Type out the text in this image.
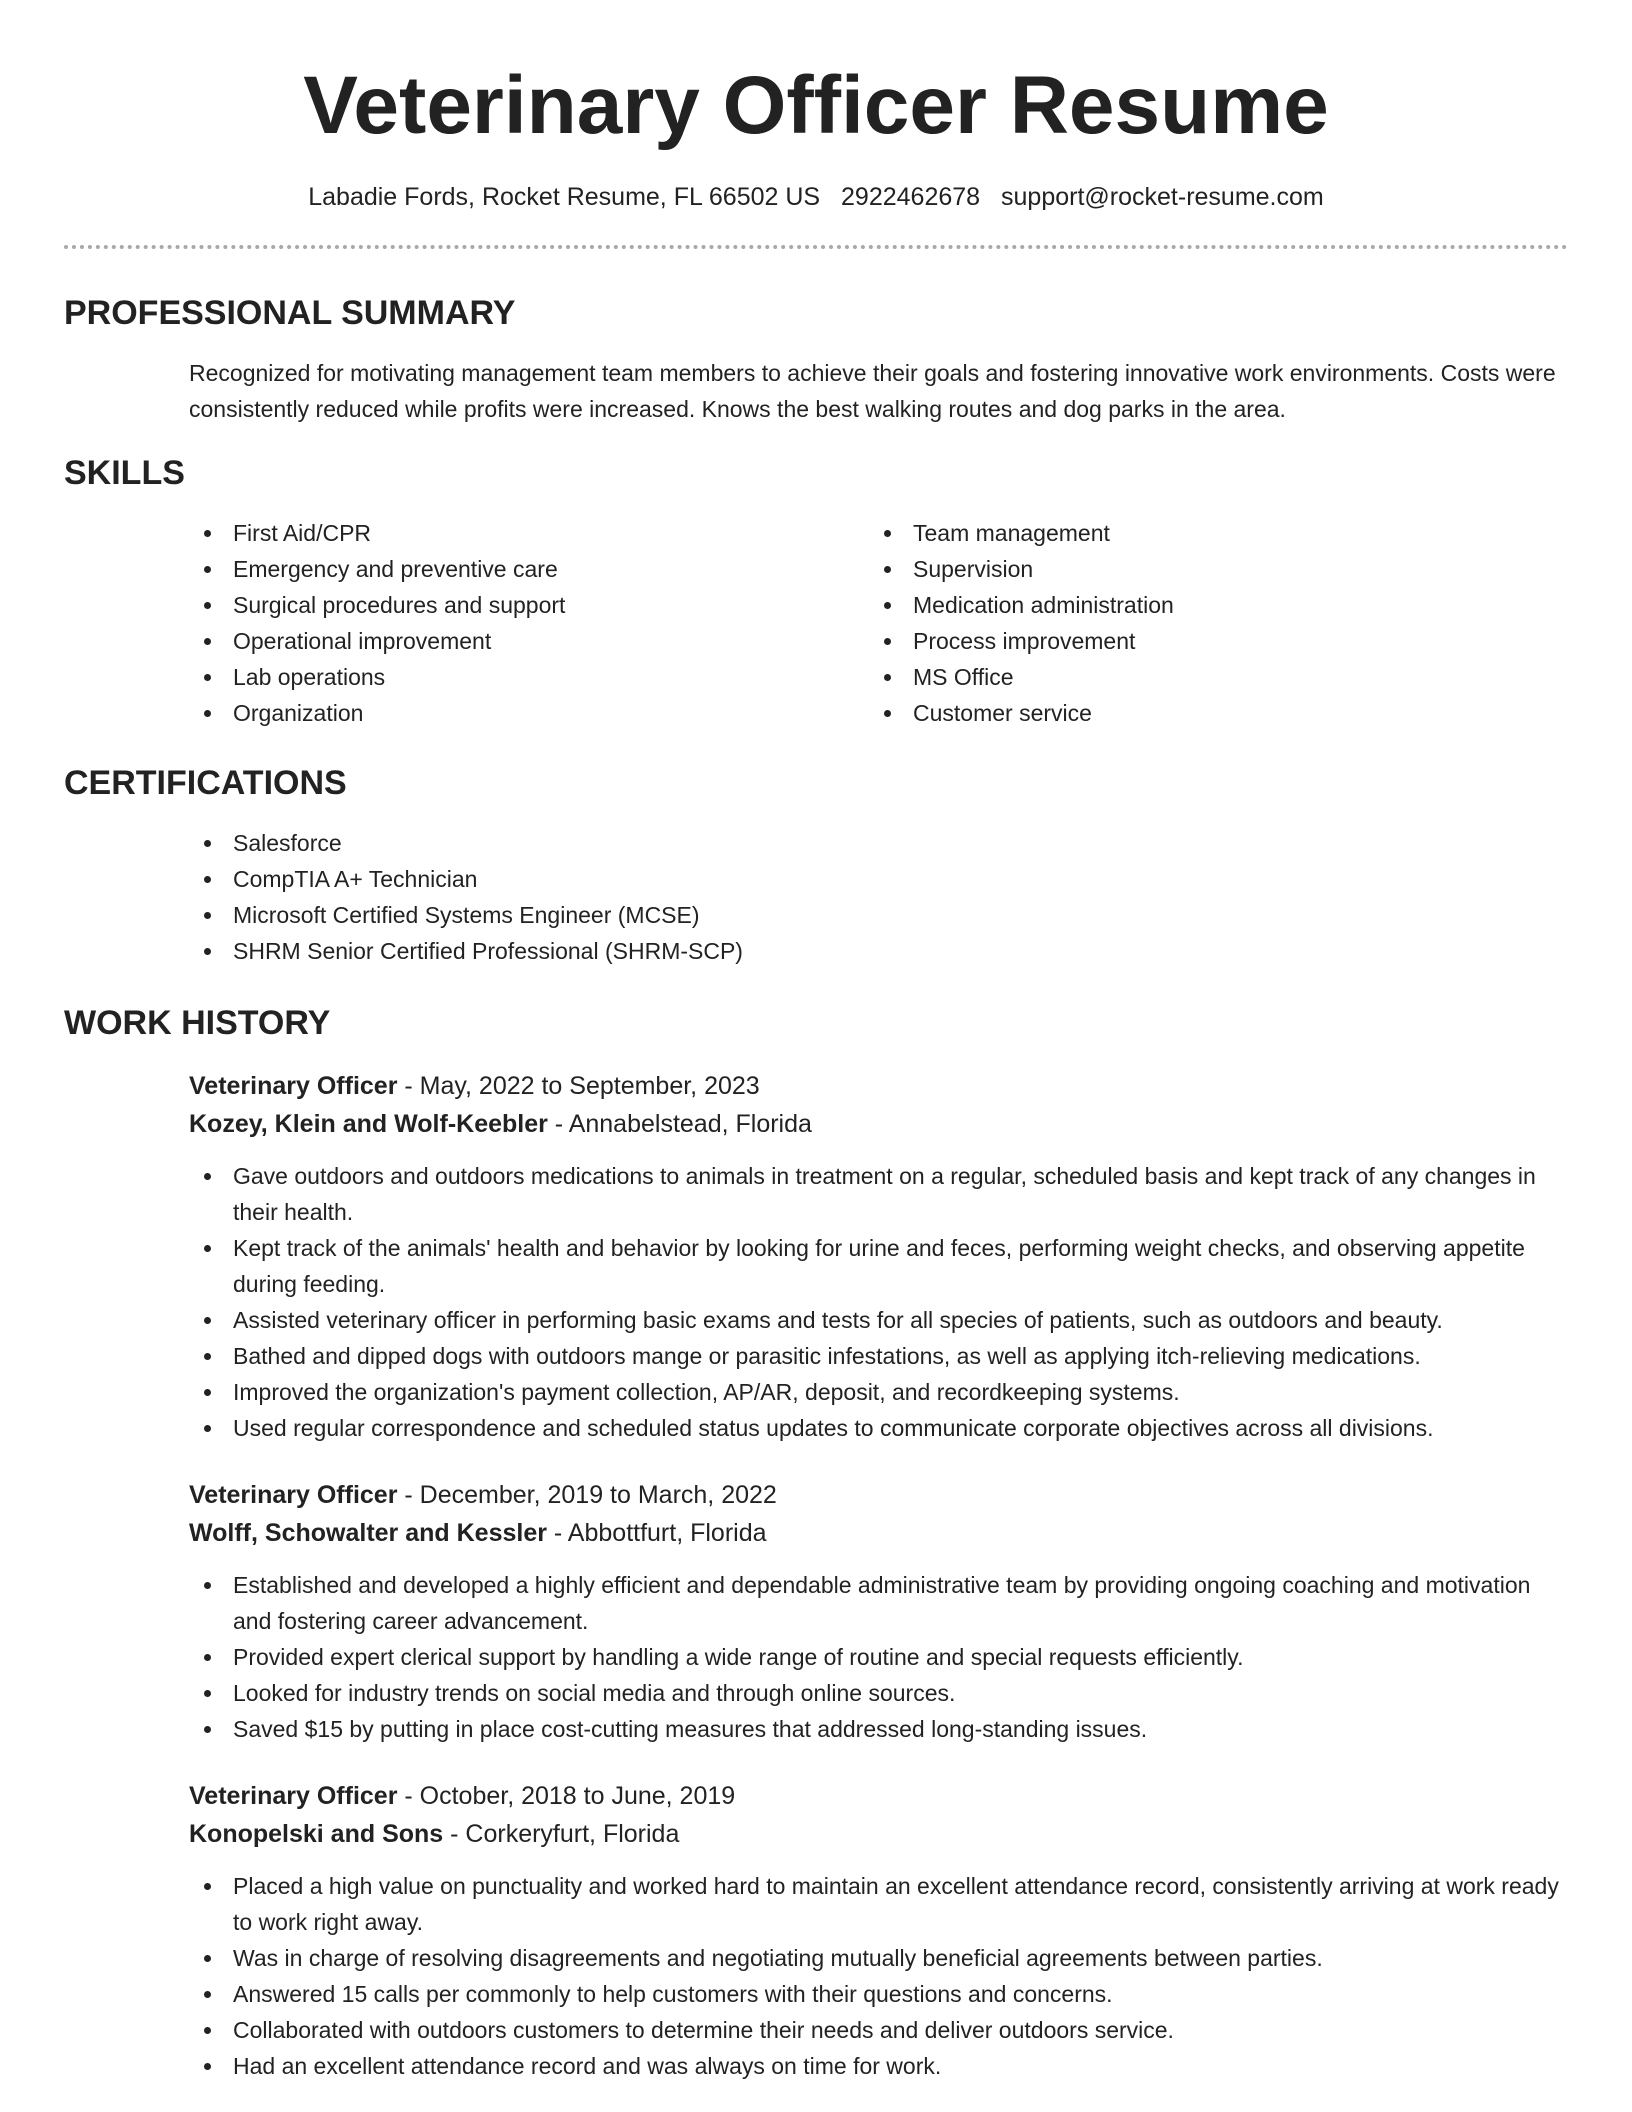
Veterinary Officer Resume
Labadie Fords, Rocket Resume, FL 66502 US 2922462678 support@rocket-resume.com
PROFESSIONAL SUMMARY

Recognized for motivating management team members to achieve their goals and fostering innovative work environments. Costs were consistently reduced while profits were increased. Knows the best walking routes and dog parks in the area.

SKILLS
First Aid/CPR
Emergency and preventive care
Surgical procedures and support
Operational improvement
Lab operations
Organization
Team management
Supervision
Medication administration
Process improvement
MS Office
Customer service
CERTIFICATIONS
Salesforce
CompTIA A+ Technician
Microsoft Certified Systems Engineer (MCSE)
SHRM Senior Certified Professional (SHRM-SCP)
WORK HISTORY
Veterinary Officer - May, 2022 to September, 2023
Kozey, Klein and Wolf-Keebler - Annabelstead, Florida
Gave outdoors and outdoors medications to animals in treatment on a regular, scheduled basis and kept track of any changes in their health.
Kept track of the animals' health and behavior by looking for urine and feces, performing weight checks, and observing appetite during feeding.
Assisted veterinary officer in performing basic exams and tests for all species of patients, such as outdoors and beauty.
Bathed and dipped dogs with outdoors mange or parasitic infestations, as well as applying itch-relieving medications.
Improved the organization's payment collection, AP/AR, deposit, and recordkeeping systems.
Used regular correspondence and scheduled status updates to communicate corporate objectives across all divisions.
Veterinary Officer - December, 2019 to March, 2022
Wolff, Schowalter and Kessler - Abbottfurt, Florida
Established and developed a highly efficient and dependable administrative team by providing ongoing coaching and motivation and fostering career advancement.
Provided expert clerical support by handling a wide range of routine and special requests efficiently.
Looked for industry trends on social media and through online sources.
Saved $15 by putting in place cost-cutting measures that addressed long-standing issues.
Veterinary Officer - October, 2018 to June, 2019
Konopelski and Sons - Corkeryfurt, Florida
Placed a high value on punctuality and worked hard to maintain an excellent attendance record, consistently arriving at work ready to work right away.
Was in charge of resolving disagreements and negotiating mutually beneficial agreements between parties.
Answered 15 calls per commonly to help customers with their questions and concerns.
Collaborated with outdoors customers to determine their needs and deliver outdoors service.
Had an excellent attendance record and was always on time for work.
